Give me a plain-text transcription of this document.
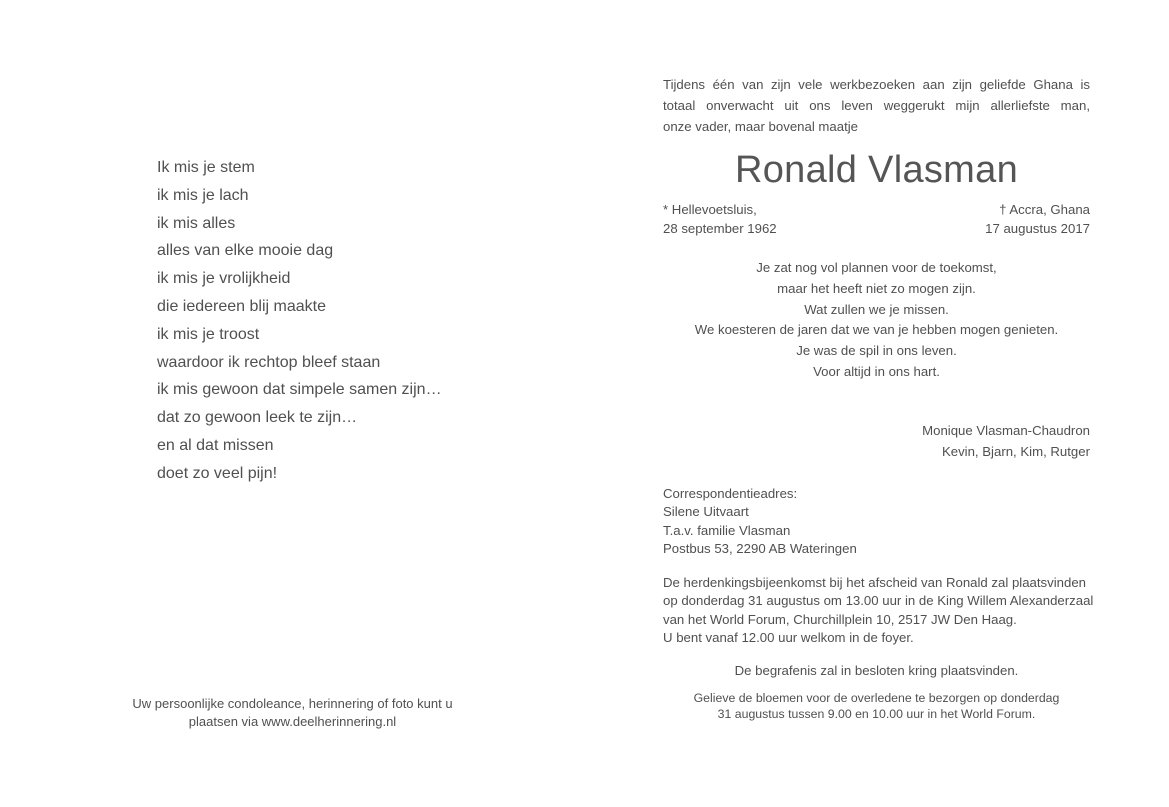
Ik mis je stem
ik mis je lach
ik mis alles
alles van elke mooie dag
ik mis je vrolijkheid
die iedereen blij maakte
ik mis je troost
waardoor ik rechtop bleef staan
ik mis gewoon dat simpele samen zijn…
dat zo gewoon leek te zijn…
en al dat missen
doet zo veel pijn!
Uw persoonlijke condoleance, herinnering of foto kunt u
plaatsen via www.deelherinnering.nl
Tijdens één van zijn vele werkbezoeken aan zijn geliefde Ghana is
totaal onverwacht uit ons leven weggerukt mijn allerliefste man,
onze vader, maar bovenal maatje
Ronald Vlasman
* Hellevoetsluis,
28 september 1962
† Accra, Ghana
17 augustus 2017
Je zat nog vol plannen voor de toekomst,
maar het heeft niet zo mogen zijn.
Wat zullen we je missen.
We koesteren de jaren dat we van je hebben mogen genieten.
Je was de spil in ons leven.
Voor altijd in ons hart.
Monique Vlasman-Chaudron
Kevin, Bjarn, Kim, Rutger
Correspondentieadres:
Silene Uitvaart
T.a.v. familie Vlasman
Postbus 53, 2290 AB Wateringen
De herdenkingsbijeenkomst bij het afscheid van Ronald zal plaatsvinden
op donderdag 31 augustus om 13.00 uur in de King Willem Alexanderzaal
van het World Forum, Churchillplein 10, 2517 JW Den Haag.
U bent vanaf 12.00 uur welkom in de foyer.
De begrafenis zal in besloten kring plaatsvinden.
Gelieve de bloemen voor de overledene te bezorgen op donderdag
31 augustus tussen 9.00 en 10.00 uur in het World Forum.
